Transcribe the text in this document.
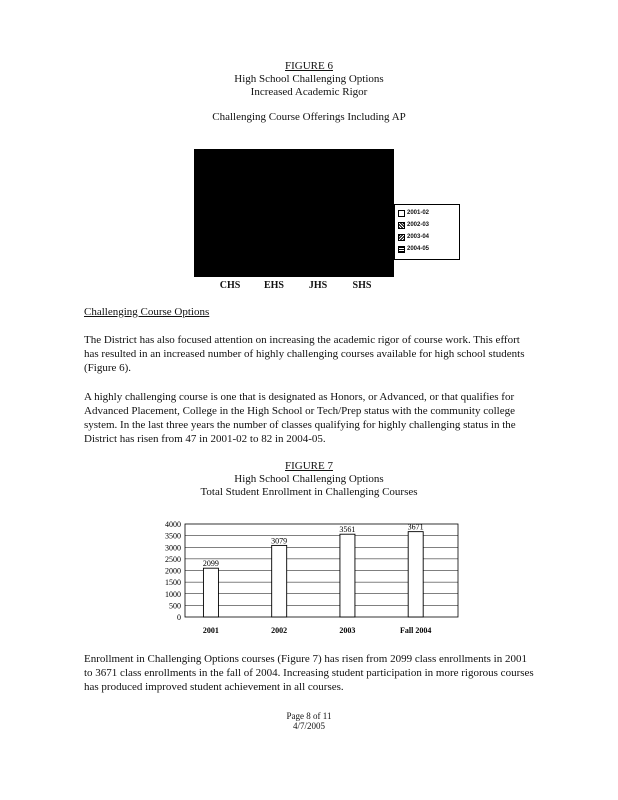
FIGURE 6
High School Challenging Options
Increased Academic Rigor
Challenging Course Offerings Including AP
2001-02
2002-03
2003-04
2004-05
CHS	EHS	JHS	SHS
Challenging Course Options
The District has also focused attention on increasing the academic rigor of course work. This effort has resulted in an increased number of highly challenging courses available for high school students (Figure 6).
A highly challenging course is one that is designated as Honors, or Advanced, or that qualifies for Advanced Placement, College in the High School or Tech/Prep status with the community college system. In the last three years the number of classes qualifying for highly challenging status in the District has risen from 47 in 2001-02 to 82 in 2004-05.
FIGURE 7
High School Challenging Options
Total Student Enrollment in Challenging Courses
4000
3500
3000
2500
2000
1500
1000
500
0
2099
2001
3079
2002
3561
2003
3671
Fall 2004
Enrollment in Challenging Options courses (Figure 7) has risen from 2099 class enrollments in 2001 to 3671 class enrollments in the fall of 2004. Increasing student participation in more rigorous courses has produced improved student achievement in all courses.
Page 8 of 11
4/7/2005
